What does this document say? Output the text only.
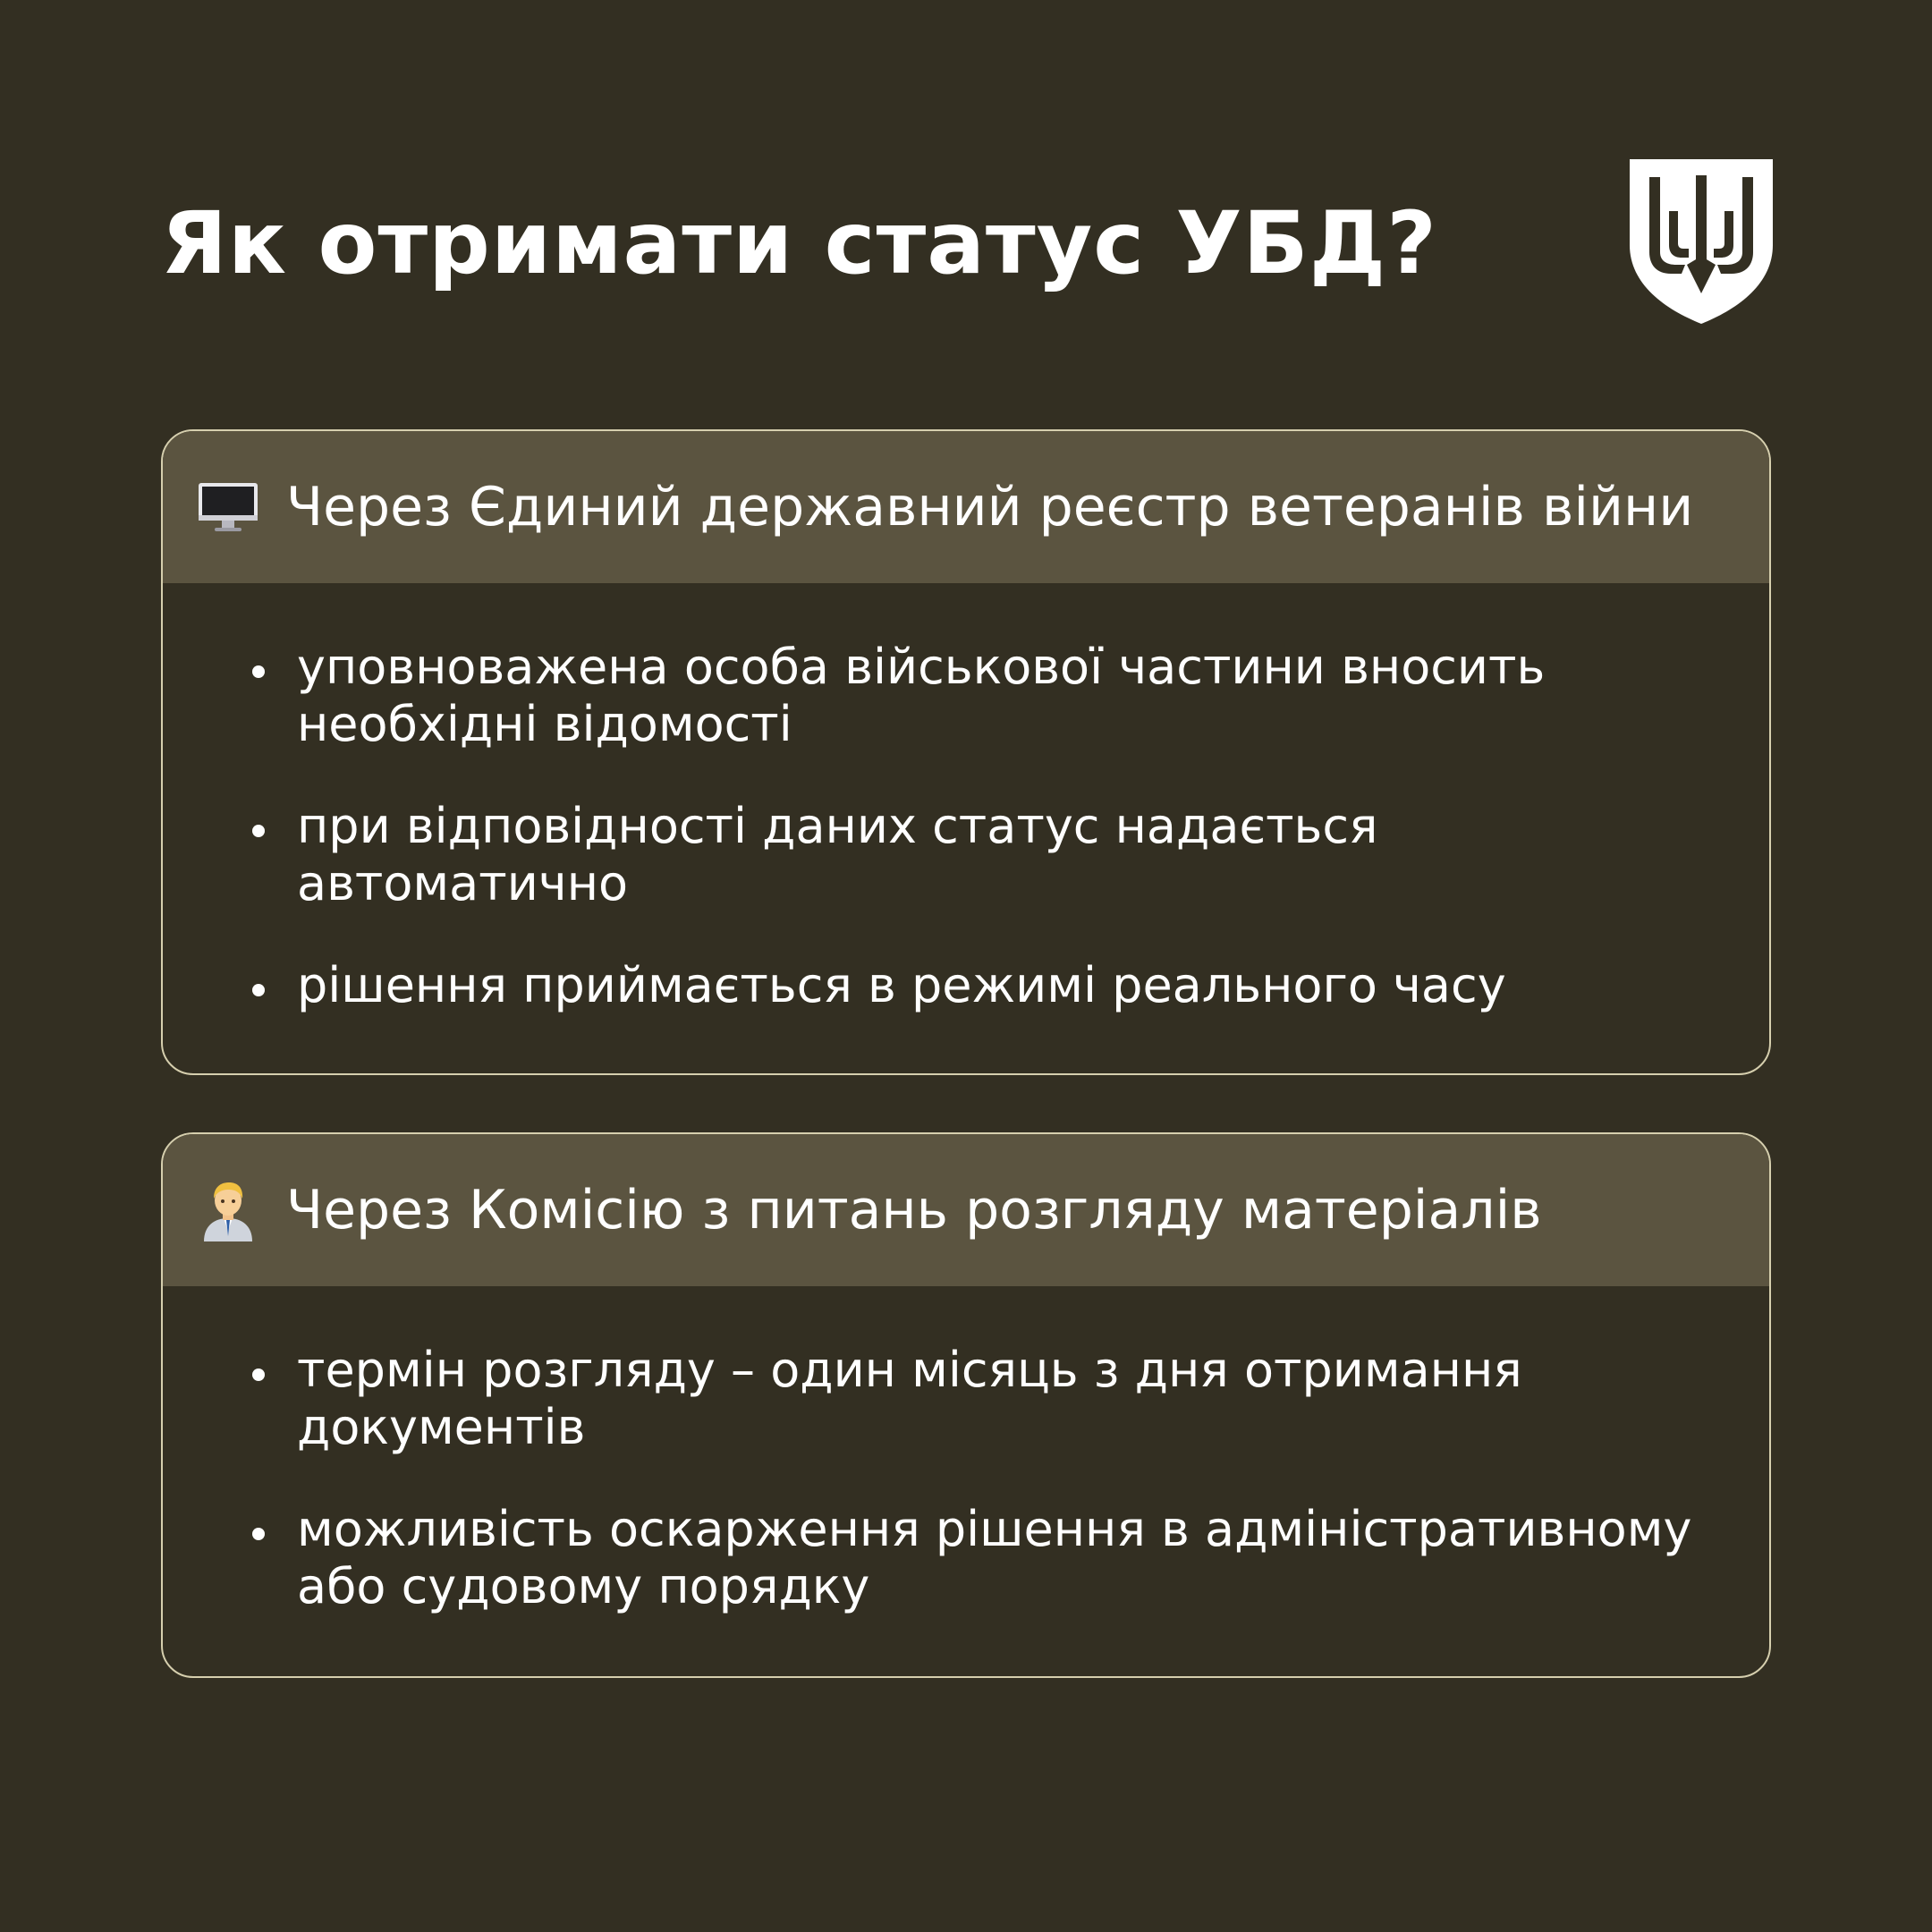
Як отримати статус УБД?
Через Єдиний державний реєстр ветеранів війни
уповноважена особа військової частини вносить необхідні відомості
при відповідності даних статус надається автоматично
рішення приймається в режимі реального часу
Через Комісію з питань розгляду матеріалів
термін розгляду – один місяць з дня отримання документів
можливість оскарження рішення в адміністративному або судовому порядку
